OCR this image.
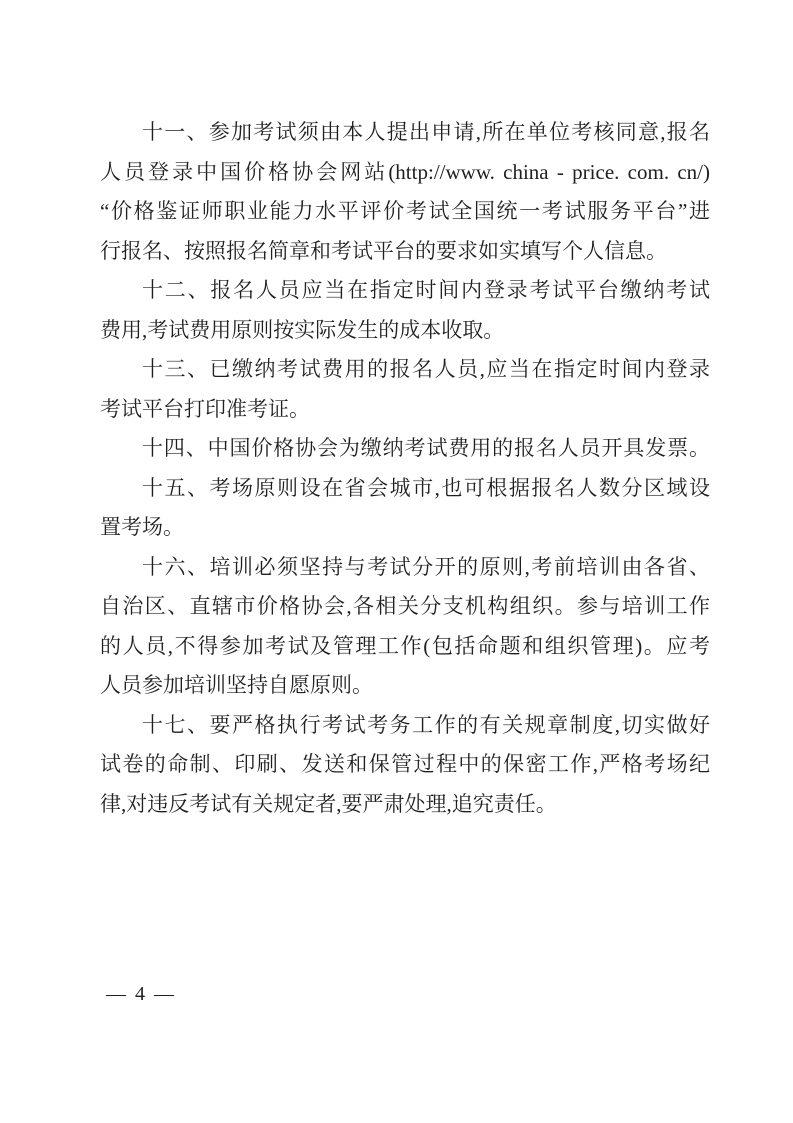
十一、参加考试须由本人提出申请,所在单位考核同意,报名

人员登录中国价格协会网站(http://www. china - price. com. cn/)

“价格鉴证师职业能力水平评价考试全国统一考试服务平台”进

行报名、按照报名简章和考试平台的要求如实填写个人信息。

十二、报名人员应当在指定时间内登录考试平台缴纳考试

费用,考试费用原则按实际发生的成本收取。

十三、已缴纳考试费用的报名人员,应当在指定时间内登录

考试平台打印准考证。

十四、中国价格协会为缴纳考试费用的报名人员开具发票。

十五、考场原则设在省会城市,也可根据报名人数分区域设

置考场。

十六、培训必须坚持与考试分开的原则,考前培训由各省、

自治区、直辖市价格协会,各相关分支机构组织。参与培训工作

的人员,不得参加考试及管理工作(包括命题和组织管理)。应考

人员参加培训坚持自愿原则。

十七、要严格执行考试考务工作的有关规章制度,切实做好

试卷的命制、印刷、发送和保管过程中的保密工作,严格考场纪

律,对违反考试有关规定者,要严肃处理,追究责任。

— 4 —
